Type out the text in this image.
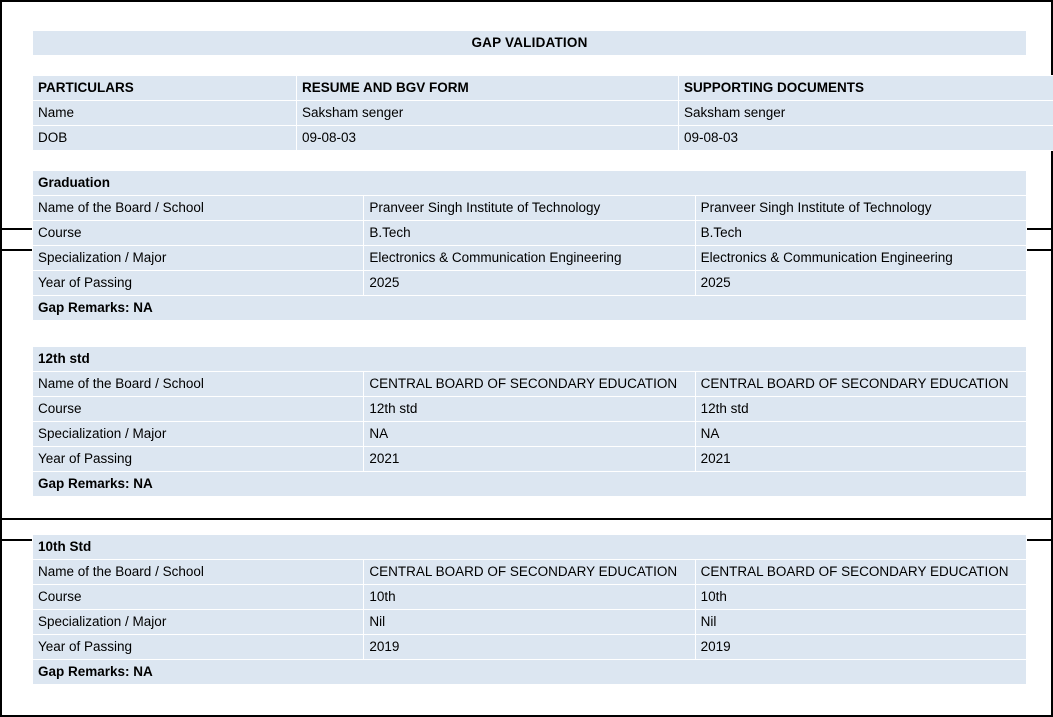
GAP VALIDATION
PARTICULARS	RESUME AND BGV FORM	SUPPORTING DOCUMENTS
Name	Saksham senger	Saksham senger
DOB	09-08-03	09-08-03
Graduation		
Name of the Board / School	Pranveer Singh Institute of Technology	Pranveer Singh Institute of Technology
Course	B.Tech	B.Tech
Specialization / Major	Electronics & Communication Engineering	Electronics & Communication Engineering
Year of Passing	2025	2025
Gap Remarks: NA		
12th std		
Name of the Board / School	CENTRAL BOARD OF SECONDARY EDUCATION	CENTRAL BOARD OF SECONDARY EDUCATION
Course	12th std	12th std
Specialization / Major	NA	NA
Year of Passing	2021	2021
Gap Remarks: NA		
10th Std		
Name of the Board / School	CENTRAL BOARD OF SECONDARY EDUCATION	CENTRAL BOARD OF SECONDARY EDUCATION
Course	10th	10th
Specialization / Major	Nil	Nil
Year of Passing	2019	2019
Gap Remarks: NA		
